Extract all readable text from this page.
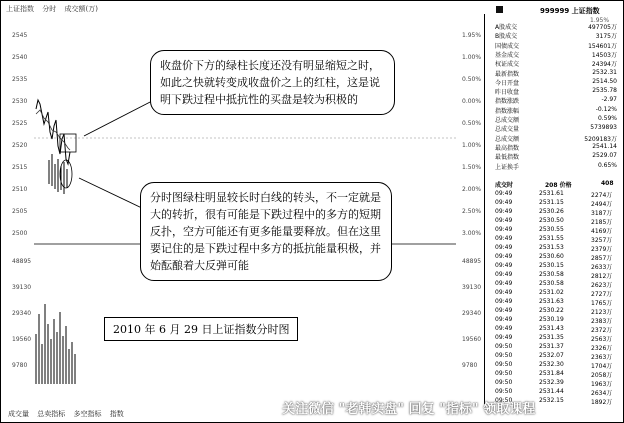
上证指数 分时 成交额(万)
2545
2540
2535
2530
2525
2520
2515
2510
2505
2500
48895
39130
29340
19560
9780
1.95%
1.00%
0.50%
0.00%
0.50%
1.00%
1.50%
2.00%
2.50%
3.00%
48895
39130
29340
19560
9780
收盘价下方的绿柱长度还没有明显缩短之时，如此之快就转变成收盘价之上的红柱，这是说明下跌过程中抵抗性的买盘是较为积极的
分时图绿柱明显较长时白线的转头，不一定就是大的转折，很有可能是下跌过程中的多方的短期反扑，空方可能还有更多能量要释放。但在这里要记住的是下跌过程中多方的抵抗能量积极，并始酝酿着大反弹可能
2010 年 6 月 29 日上证指数分时图
成交量 总卖指标 多空指标 指数
999999 上证指数
1.95%
A股成交	497705万
B股成交	3175万
国债成交	154601万
基金成交	14503万
权证成交	24394万
最新指数	2532.31
今日开盘	2514.50
昨日收盘	2535.78
指数涨跌	-2.97
指数涨幅	-0.12%
总成交额	0.59%
总成交量	5739893
总成交额	5209183万
最高指数	2541.14
最低指数	2529.07
上证换手	0.65%
成交时	208 价格	408
09:49	2531.61	2274万
09:49	2531.15	2494万
09:49	2530.26	3187万
09:49	2530.50	2185万
09:49	2530.55	4169万
09:49	2531.55	3257万
09:49	2531.53	2379万
09:49	2530.60	2857万
09:49	2530.15	2633万
09:49	2530.58	2812万
09:49	2530.58	2623万
09:49	2531.02	2727万
09:49	2531.63	1765万
09:49	2530.22	2123万
09:49	2530.19	2383万
09:49	2531.43	2372万
09:49	2531.35	2563万
09:50	2531.37	2326万
09:50	2532.07	2363万
09:50	2532.30	1704万
09:50	2531.84	2058万
09:50	2532.39	1963万
09:50	2531.44	2634万
09:50	2532.15	1892万
关注微信 "老韩实盘" 回复 "指标" 领取课程
